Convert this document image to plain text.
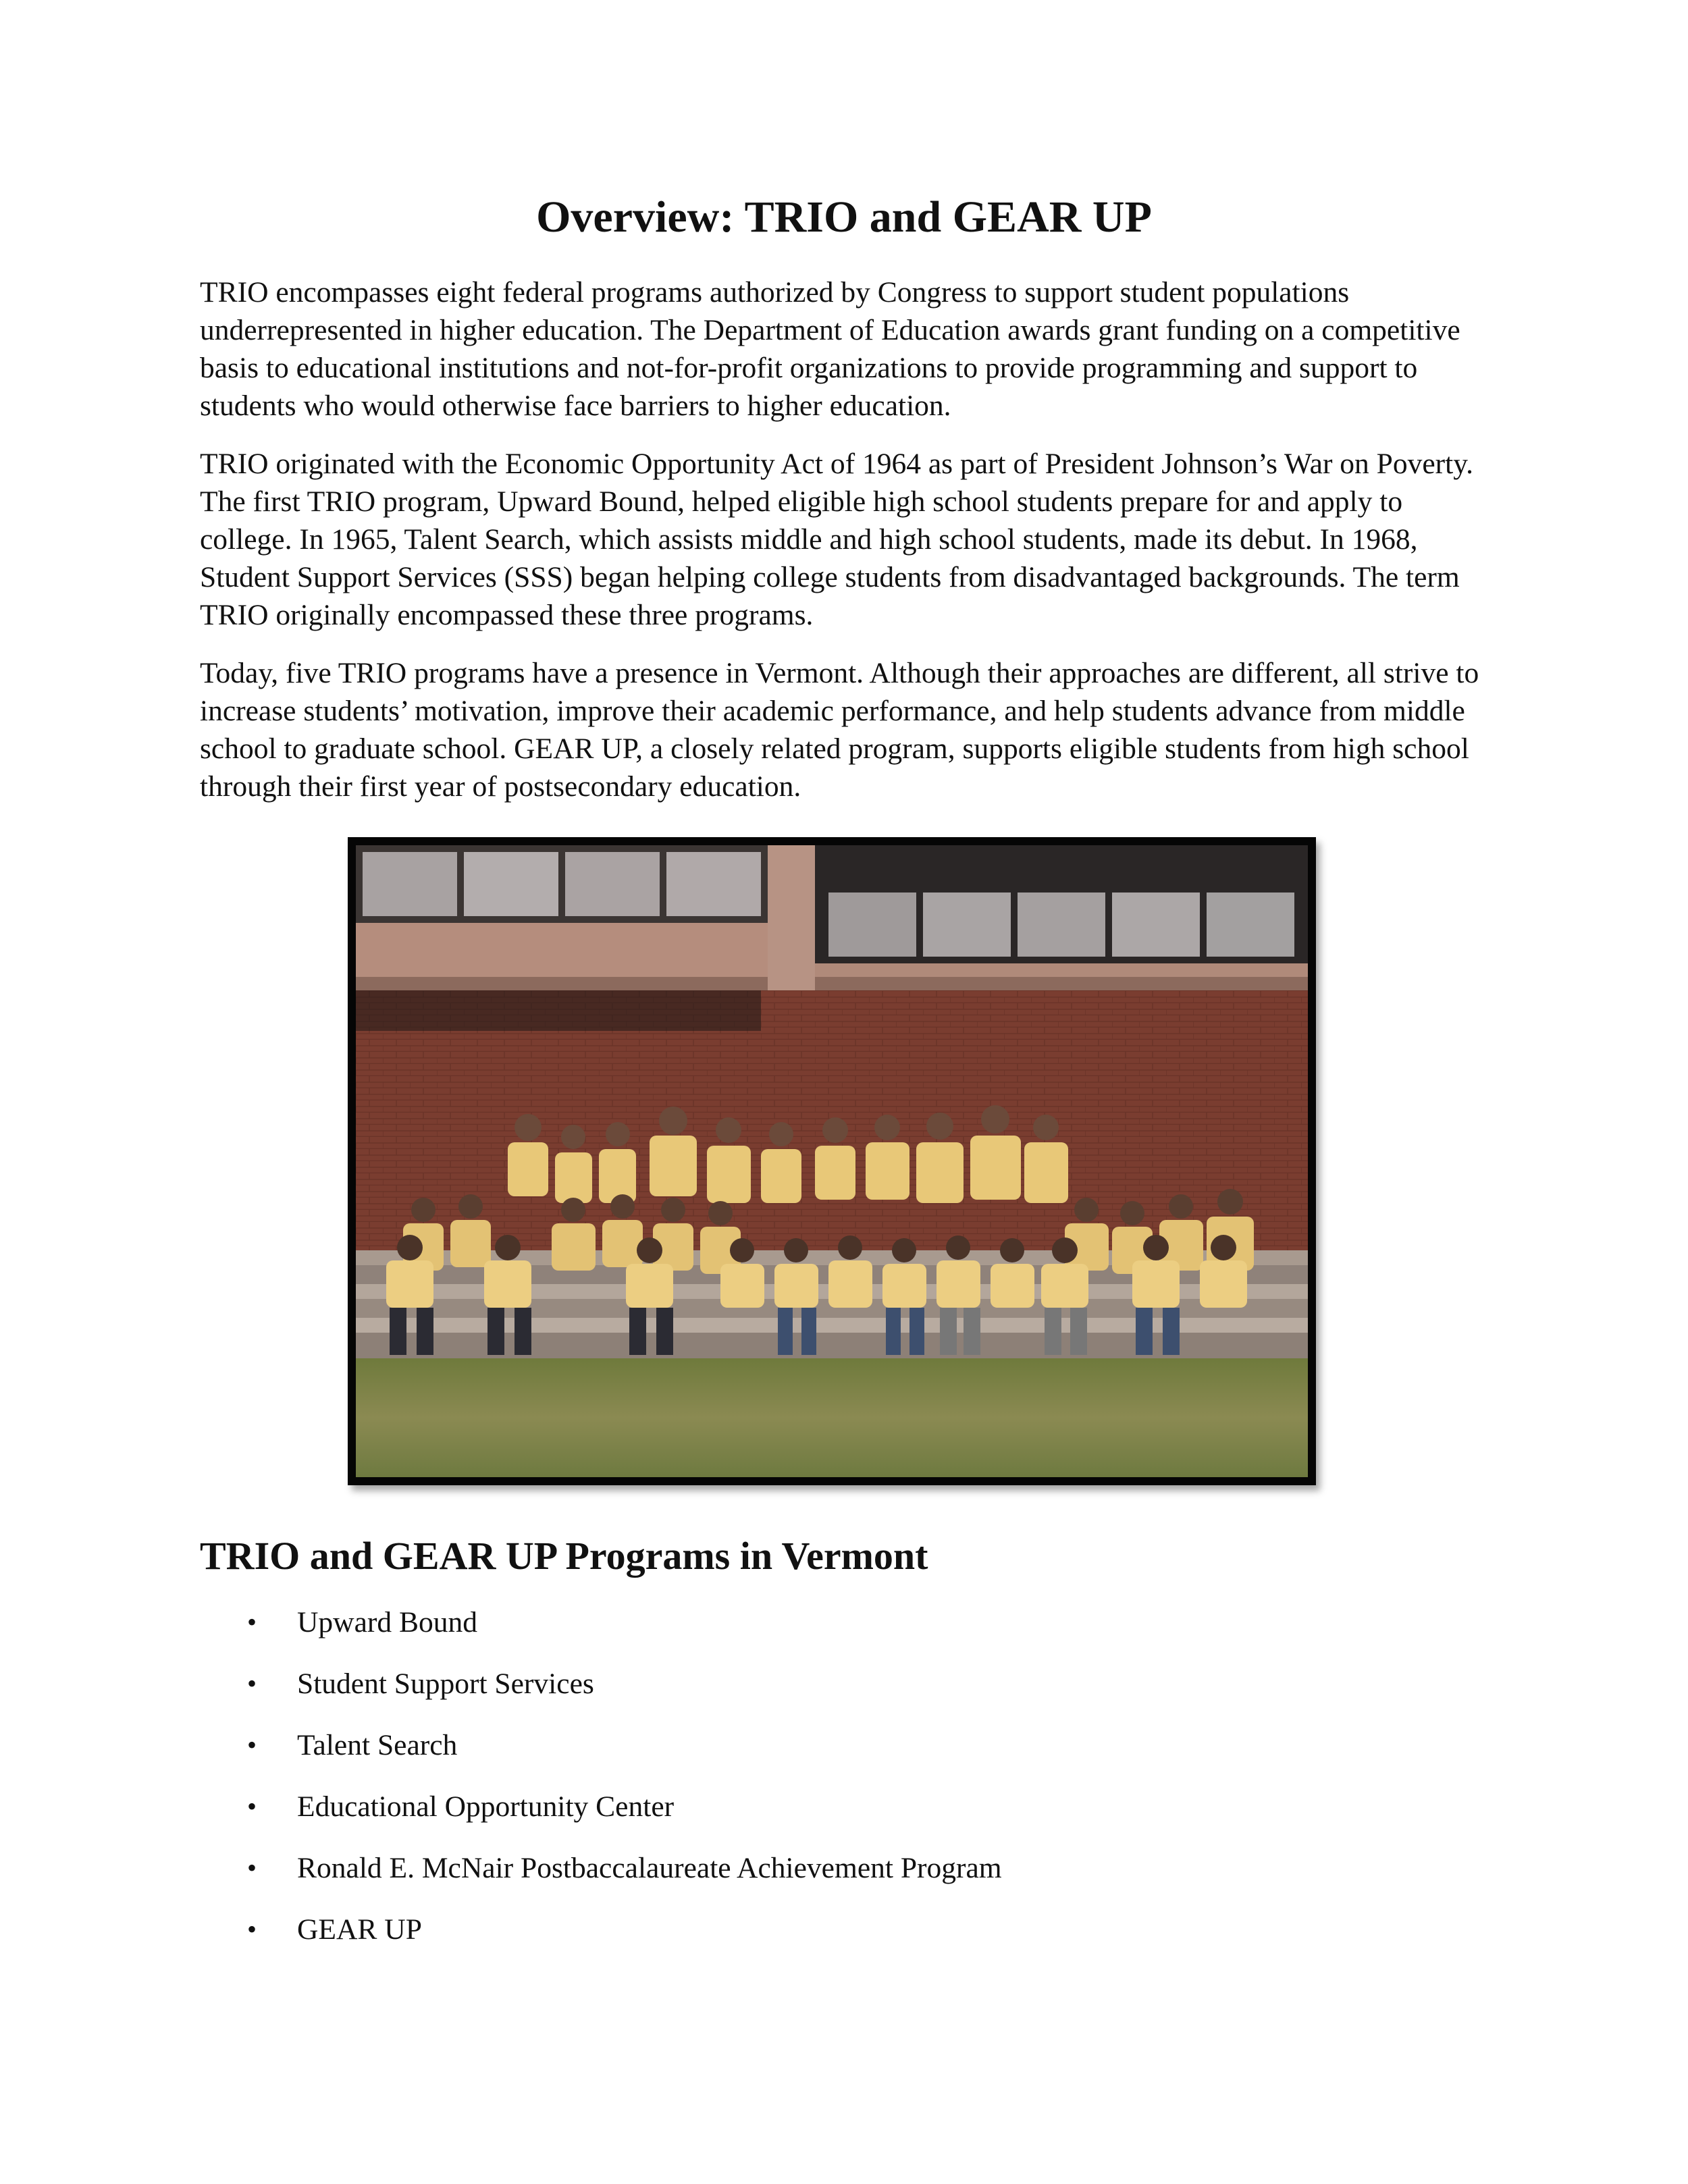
Overview: TRIO and GEAR UP

TRIO encompasses eight federal programs authorized by Congress to support student populations underrepresented in higher education. The Department of Education awards grant funding on a competitive basis to educational institutions and not-for-profit organizations to provide programming and support to students who would otherwise face barriers to higher education.

TRIO originated with the Economic Opportunity Act of 1964 as part of President Johnson’s War on Poverty. The first TRIO program, Upward Bound, helped eligible high school students prepare for and apply to college. In 1965, Talent Search, which assists middle and high school students, made its debut. In 1968, Student Support Services (SSS) began helping college students from disadvantaged backgrounds. The term TRIO originally encompassed these three programs.

Today, five TRIO programs have a presence in Vermont. Although their approaches are different, all strive to increase students’ motivation, improve their academic performance, and help students advance from middle school to graduate school. GEAR UP, a closely related program, supports eligible students from high school through their first year of postsecondary education.

TRIO and GEAR UP Programs in Vermont
• Upward Bound
• Student Support Services
• Talent Search
• Educational Opportunity Center
• Ronald E. McNair Postbaccalaureate Achievement Program
• GEAR UP
